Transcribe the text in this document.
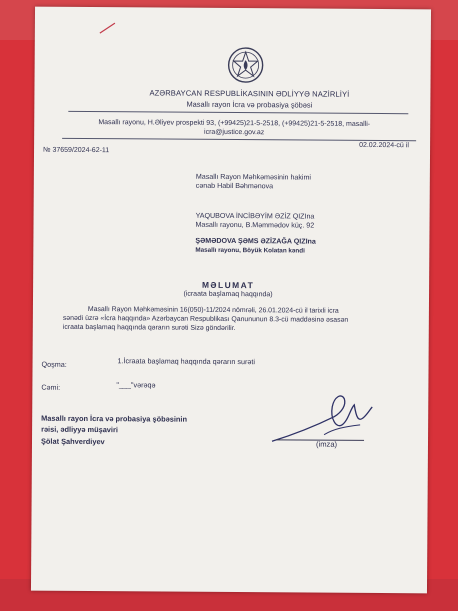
AZƏRBAYCAN RESPUBLİKASININ ƏDLİYYƏ NAZİRLİYİ
Masallı rayon İcra və probasiya şöbəsi
Masallı rayonu, H.Əliyev prospekti 93, (+99425)21-5-2518, (+99425)21-5-2518, masalli-
icra@justice.gov.az
№ 37659/2024-62-11
02.02.2024-cü il
Masallı Rayon Məhkəməsinin hakimi
cənab Habil Bəhmənova
YAQUBOVA İNCİBƏYİM ƏZİZ QIZIna
Masallı rayonu, B.Məmmədov küç. 92
ŞƏMƏDOVA ŞƏMS ƏZİZAĞA QIZIna
Masallı rayonu, Böyük Kolatan kəndi
MƏLUMAT
(icraata başlamaq haqqında)
Masallı Rayon Məhkəməsinin 16(050)-11/2024 nömrəli, 26.01.2024-cü il tarixli icra
sənədi üzrə «İcra haqqında» Azərbaycan Respublikası Qanununun 8.3-cü maddəsinə əsasən
icraata başlamaq haqqında qərarın surəti Sizə göndərilir.
Qoşma:	1.İcraata başlamaq haqqında qərarın surəti
Cəmi:	"___"vərəqə
Masallı rayon İcra və probasiya şöbəsinin
rəisi, ədliyyə müşaviri
Şölat Şahverdiyev	(imza)
